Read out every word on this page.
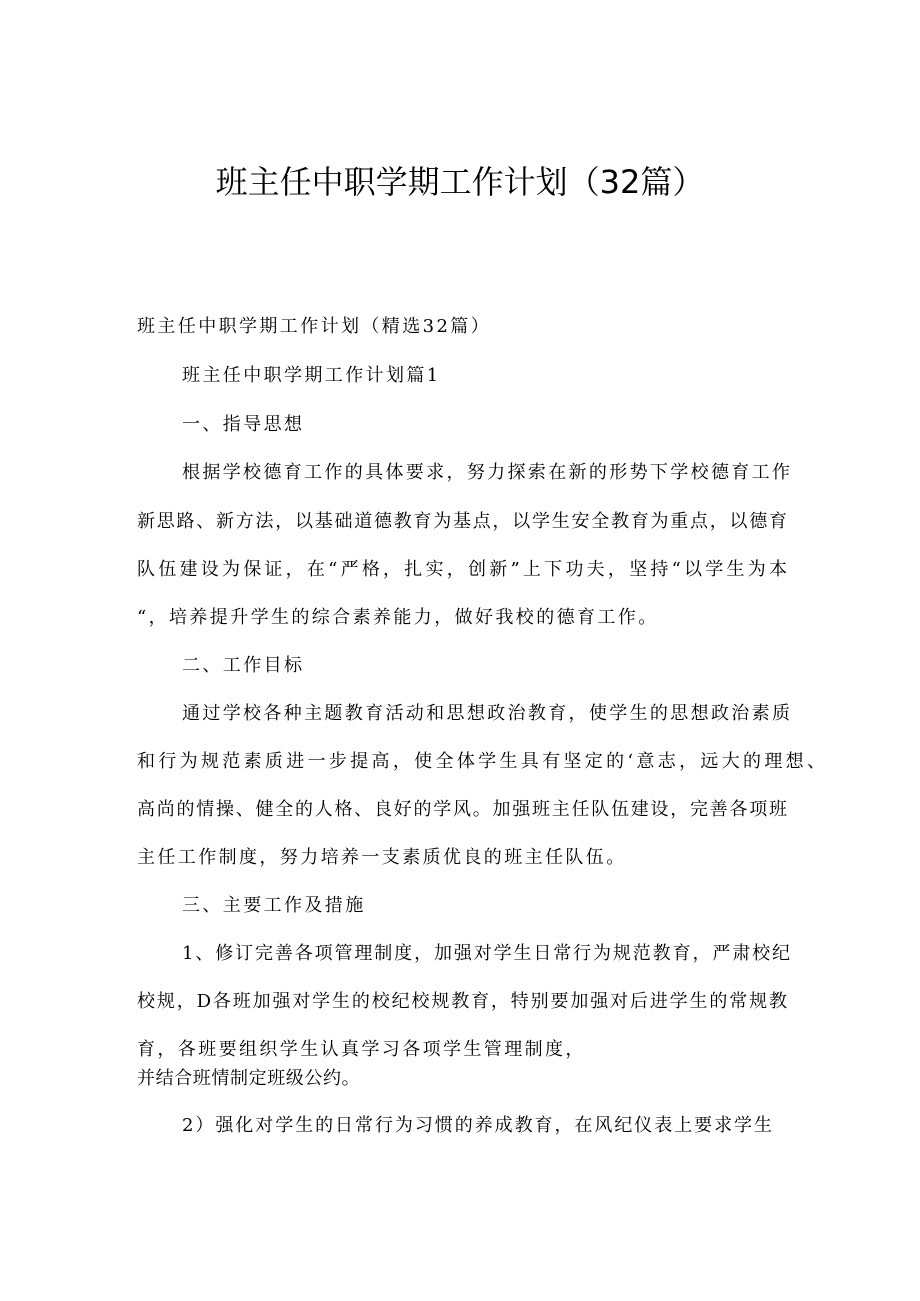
班主任中职学期工作计划（32篇）

班主任中职学期工作计划（精选32篇）

班主任中职学期工作计划篇1

一、指导思想

根据学校德育工作的具体要求，努力探索在新的形势下学校德育工作

新思路、新方法，以基础道德教育为基点，以学生安全教育为重点，以德育

队伍建设为保证，在“严格，扎实，创新”上下功夫，坚持“以学生为本

“，培养提升学生的综合素养能力，做好我校的德育工作。

二、工作目标

通过学校各种主题教育活动和思想政治教育，使学生的思想政治素质

和行为规范素质进一步提高，使全体学生具有坚定的‘意志，远大的理想、

高尚的情操、健全的人格、良好的学风。加强班主任队伍建设，完善各项班

主任工作制度，努力培养一支素质优良的班主任队伍。

三、主要工作及措施

1、修订完善各项管理制度，加强对学生日常行为规范教育，严肃校纪

校规，D各班加强对学生的校纪校规教育，特别要加强对后进学生的常规教

育，各班要组织学生认真学习各项学生管理制度，

并结合班情制定班级公约。

2）强化对学生的日常行为习惯的养成教育，在风纪仪表上要求学生
